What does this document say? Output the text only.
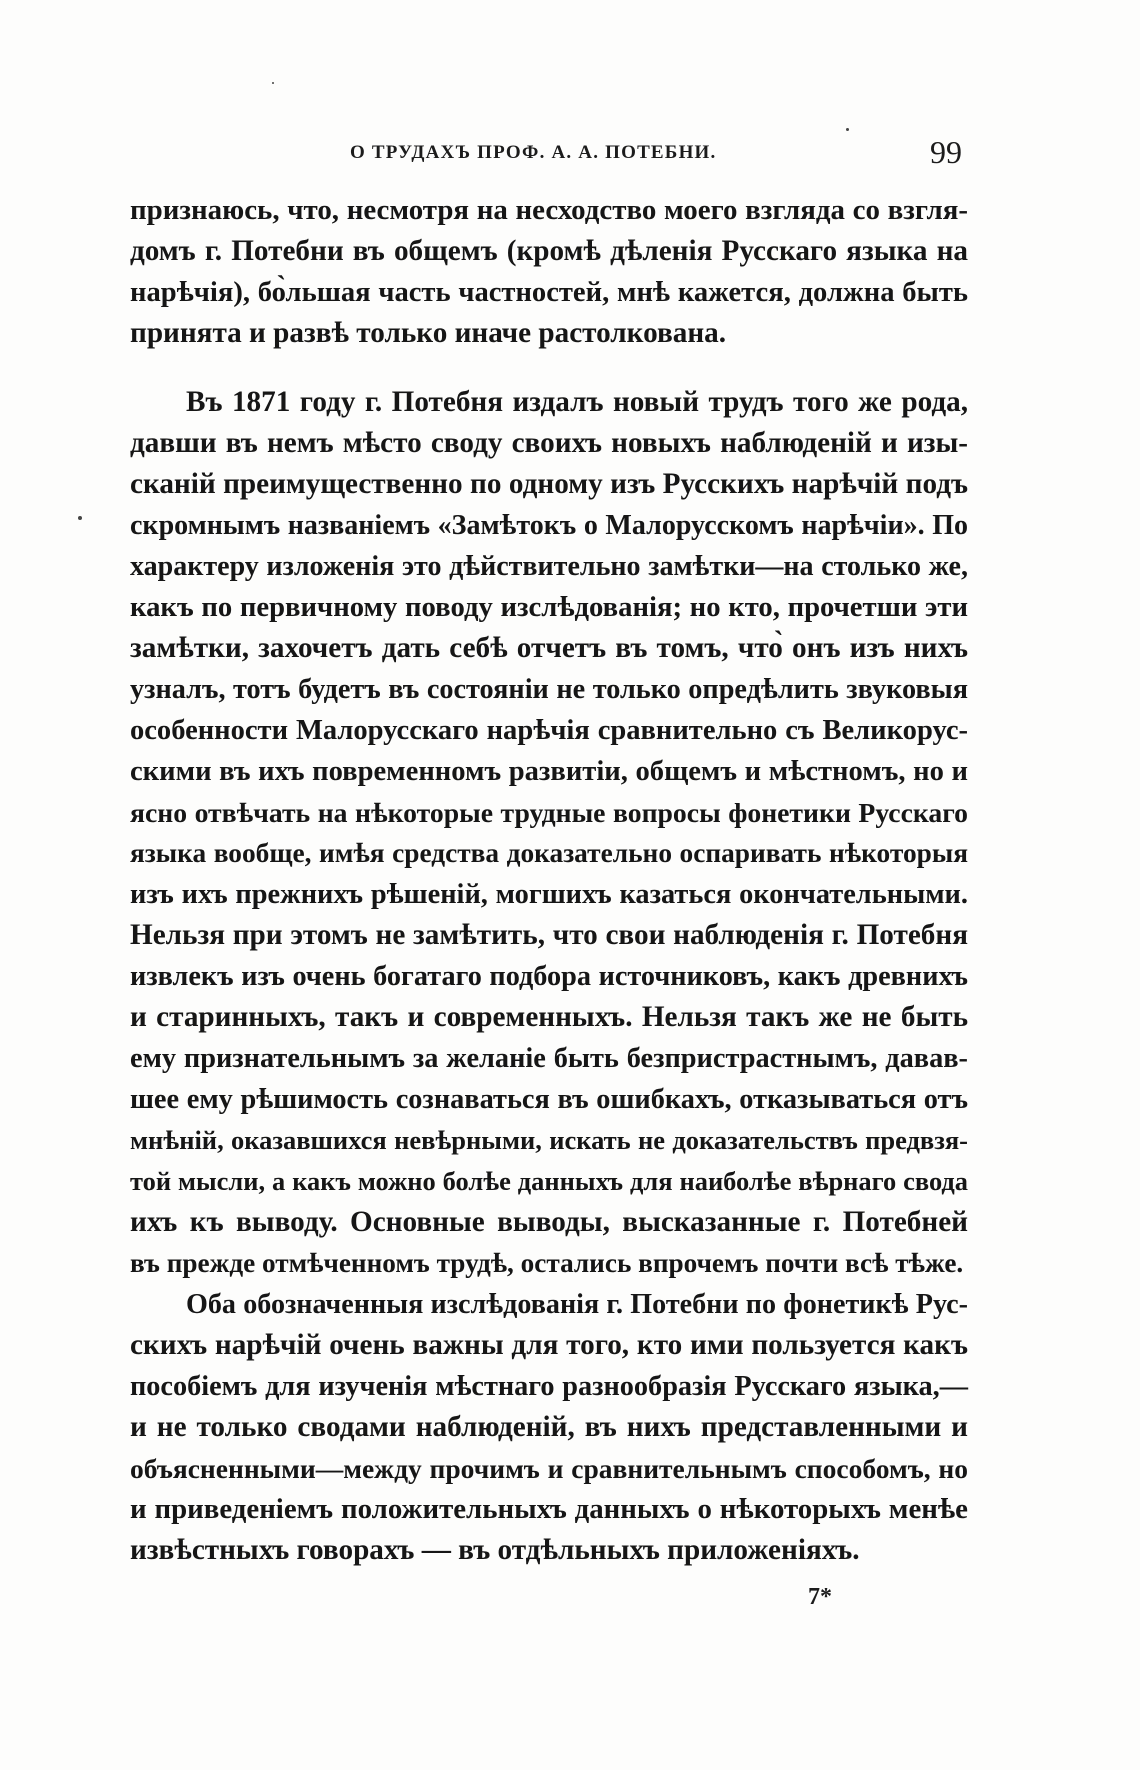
О ТРУДАХЪ ПРОФ. А. А. ПОТЕБНИ.	99

признаюсь, что, несмотря на несходство моего взгляда со взгля-
домъ г. Потебни въ общемъ (кромѣ дѣленія Русскаго языка на
нарѣчія), бо̀льшая часть частностей, мнѣ кажется, должна быть
принята и развѣ только иначе растолкована.

Въ 1871 году г. Потебня издалъ новый трудъ того же рода,
давши въ немъ мѣсто своду своихъ новыхъ наблюденій и изы-
сканій преимущественно по одному изъ Русскихъ нарѣчій подъ
скромнымъ названіемъ «Замѣтокъ о Малорусскомъ нарѣчіи». По
характеру изложенія это дѣйствительно замѣтки—на столько же,
какъ по первичному поводу изслѣдованія; но кто, прочетши эти
замѣтки, захочетъ дать себѣ отчетъ въ томъ, что̀ онъ изъ нихъ
узналъ, тотъ будетъ въ состояніи не только опредѣлить звуковыя
особенности Малорусскаго нарѣчія сравнительно съ Великорус-
скими въ ихъ повременномъ развитіи, общемъ и мѣстномъ, но и
ясно отвѣчать на нѣкоторые трудные вопросы фонетики Русскаго
языка вообще, имѣя средства доказательно оспаривать нѣкоторыя
изъ ихъ прежнихъ рѣшеній, могшихъ казаться окончательными.
Нельзя при этомъ не замѣтить, что свои наблюденія г. Потебня
извлекъ изъ очень богатаго подбора источниковъ, какъ древнихъ
и старинныхъ, такъ и современныхъ. Нельзя такъ же не быть
ему признательнымъ за желаніе быть безпристрастнымъ, давав-
шее ему рѣшимость сознаваться въ ошибкахъ, отказываться отъ
мнѣній, оказавшихся невѣрными, искать не доказательствъ предвзя-
той мысли, а какъ можно болѣе данныхъ для наиболѣе вѣрнаго свода
ихъ къ выводу. Основные выводы, высказанные г. Потебней
въ прежде отмѣченномъ трудѣ, остались впрочемъ почти всѣ тѣже.

Оба обозначенныя изслѣдованія г. Потебни по фонетикѣ Рус-
скихъ нарѣчій очень важны для того, кто ими пользуется какъ
пособіемъ для изученія мѣстнаго разнообразія Русскаго языка,—
и не только сводами наблюденій, въ нихъ представленными и
объясненными—между прочимъ и сравнительнымъ способомъ, но
и приведеніемъ положительныхъ данныхъ о нѣкоторыхъ менѣе
извѣстныхъ говорахъ — въ отдѣльныхъ приложеніяхъ.

7*
